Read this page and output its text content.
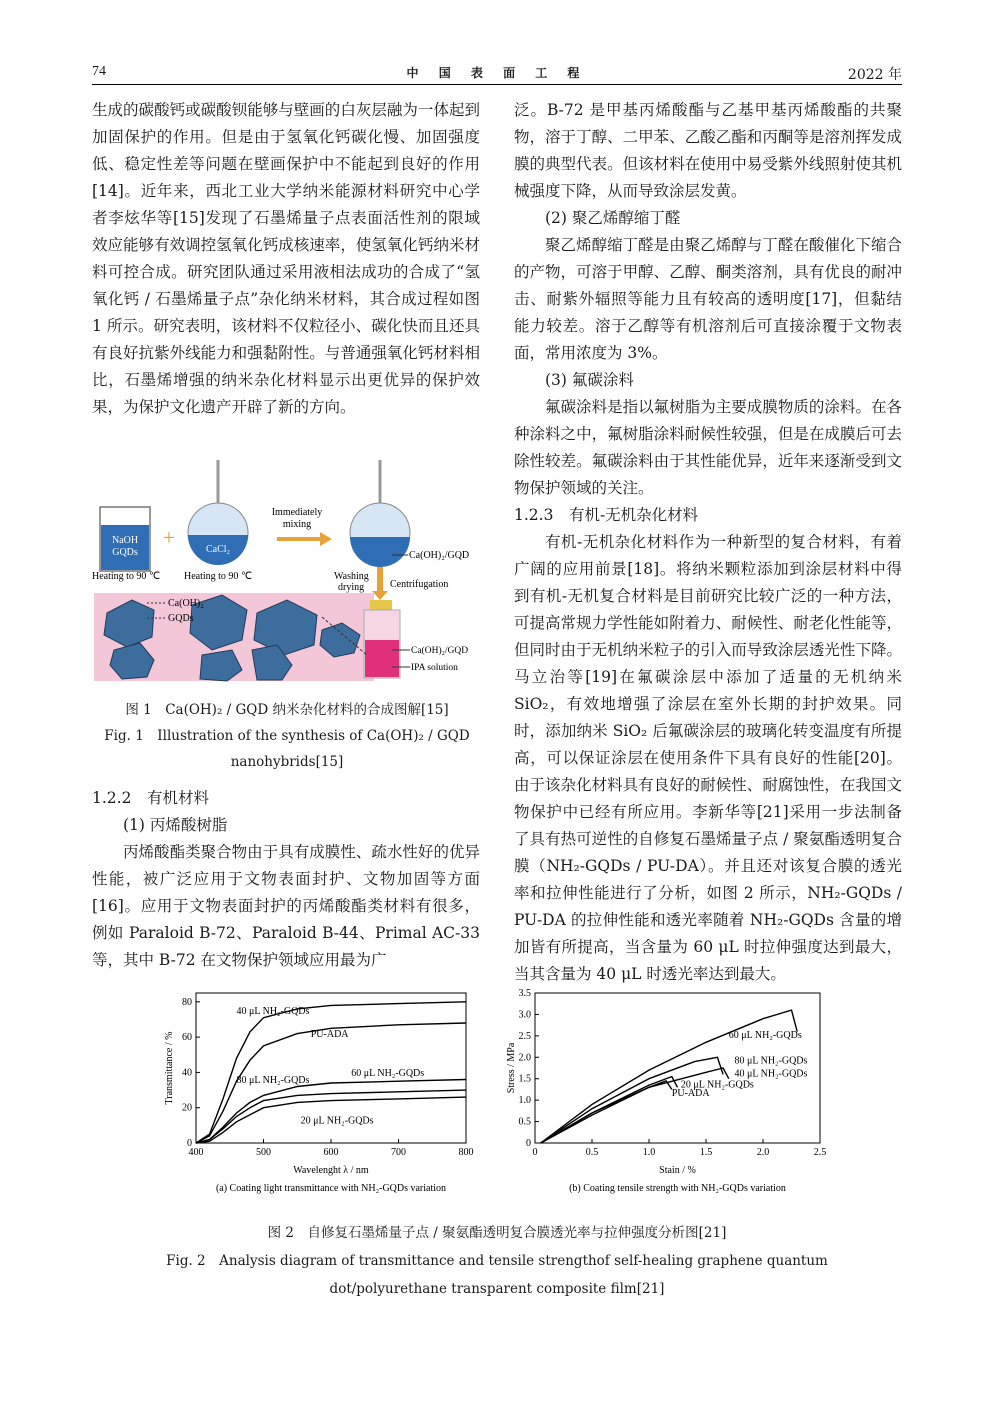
74	中 国 表 面 工 程	2022 年

生成的碳酸钙或碳酸钡能够与壁画的白灰层融为一体起到加固保护的作用。但是由于氢氧化钙碳化慢、加固强度低、稳定性差等问题在壁画保护中不能起到良好的作用[14]。近年来，西北工业大学纳米能源材料研究中心学者李炫华等[15]发现了石墨烯量子点表面活性剂的限域效应能够有效调控氢氧化钙成核速率，使氢氧化钙纳米材料可控合成。研究团队通过采用液相法成功的合成了“氢氧化钙 / 石墨烯量子点”杂化纳米材料，其合成过程如图 1 所示。研究表明，该材料不仅粒径小、碳化快而且还具有良好抗紫外线能力和强黏附性。与普通强氧化钙材料相比，石墨烯增强的纳米杂化材料显示出更优异的保护效果，为保护文化遗产开辟了新的方向。

NaOH
GQDs
Heating to 90 ℃
+	CaCl₂
Heating to 90 ℃
Immediately
mixing
Ca(OH)₂/GQD
Washing
drying	Centrifugation
Ca(OH)₂
GQDs
Ca(OH)₂/GQD
IPA solution
图 1　Ca(OH)₂ / GQD 纳米杂化材料的合成图解[15]
Fig. 1　Illustration of the synthesis of Ca(OH)₂ / GQD
nanohybrids[15]

1.2.2　有机材料

(1) 丙烯酸树脂

丙烯酸酯类聚合物由于具有成膜性、疏水性好的优异性能，被广泛应用于文物表面封护、文物加固等方面[16]。应用于文物表面封护的丙烯酸酯类材料有很多，例如 Paraloid B-72、Paraloid B-44、Primal AC-33 等，其中 B-72 在文物保护领域应用最为广

泛。B-72 是甲基丙烯酸酯与乙基甲基丙烯酸酯的共聚物，溶于丁醇、二甲苯、乙酸乙酯和丙酮等是溶剂挥发成膜的典型代表。但该材料在使用中易受紫外线照射使其机械强度下降，从而导致涂层发黄。

(2) 聚乙烯醇缩丁醛

聚乙烯醇缩丁醛是由聚乙烯醇与丁醛在酸催化下缩合的产物，可溶于甲醇、乙醇、酮类溶剂，具有优良的耐冲击、耐紫外辐照等能力且有较高的透明度[17]，但黏结能力较差。溶于乙醇等有机溶剂后可直接涂覆于文物表面，常用浓度为 3%。

(3) 氟碳涂料

氟碳涂料是指以氟树脂为主要成膜物质的涂料。在各种涂料之中，氟树脂涂料耐候性较强，但是在成膜后可去除性较差。氟碳涂料由于其性能优异，近年来逐渐受到文物保护领域的关注。

1.2.3　有机-无机杂化材料

有机-无机杂化材料作为一种新型的复合材料，有着广阔的应用前景[18]。将纳米颗粒添加到涂层材料中得到有机-无机复合材料是目前研究比较广泛的一种方法，可提高常规力学性能如附着力、耐候性、耐老化性能等，但同时由于无机纳米粒子的引入而导致涂层透光性下降。马立治等[19]在氟碳涂层中添加了适量的无机纳米 SiO₂，有效地增强了涂层在室外长期的封护效果。同时，添加纳米 SiO₂ 后氟碳涂层的玻璃化转变温度有所提高，可以保证涂层在使用条件下具有良好的性能[20]。由于该杂化材料具有良好的耐候性、耐腐蚀性，在我国文物保护中已经有所应用。李新华等[21]采用一步法制备了具有热可逆性的自修复石墨烯量子点 / 聚氨酯透明复合膜（NH₂-GQDs / PU-DA）。并且还对该复合膜的透光率和拉伸性能进行了分析，如图 2 所示，NH₂-GQDs / PU-DA 的拉伸性能和透光率随着 NH₂-GQDs 含量的增加皆有所提高，当含量为 60 μL 时拉伸强度达到最大，当其含量为 40 μL 时透光率达到最大。

400	500	600	700	800
0
20
40
60
80
Wavelenght λ / nm
Transmittance / %
40 μL NH₂-GQDs
PU-ADA
60 μL NH₂-GQDs
80 μL NH₂-GQDs
20 μL NH₂-GQDs
(a) Coating light transmittance with NH₂-GQDs variation
0	0.5	1.0	1.5	2.0	2.5
0
0.5
1.0
1.5
2.0
2.5
3.0
3.5
Stain / %
Stress / MPa
60 μL NH₂-GQDs
80 μL NH₂-GQDs
40 μL NH₂-GQDs
20 μL NH₂-GQDs
PU-ADA
(b) Coating tensile strength with NH₂-GQDs variation
图 2　自修复石墨烯量子点 / 聚氨酯透明复合膜透光率与拉伸强度分析图[21]
Fig. 2　Analysis diagram of transmittance and tensile strengthof self-healing graphene quantum
dot/polyurethane transparent composite film[21]
